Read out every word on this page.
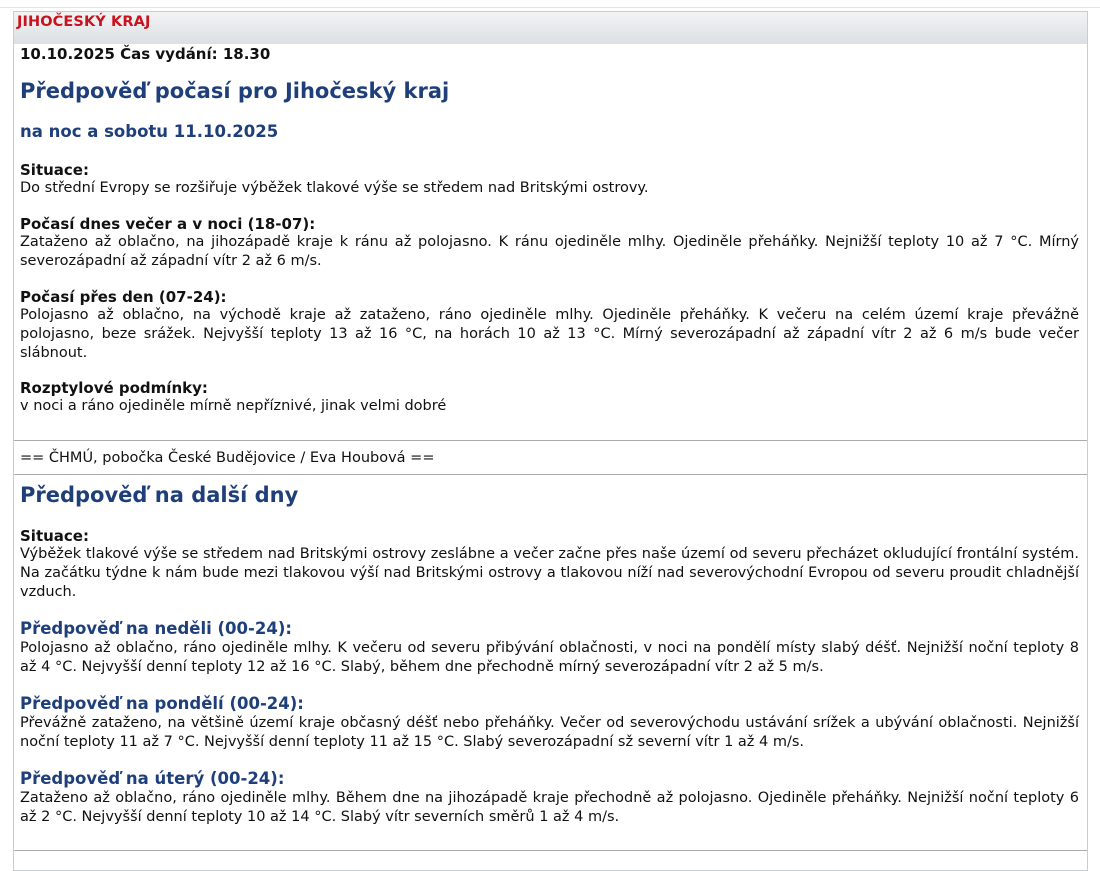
JIHOČESKÝ KRAJ

10.10.2025 Čas vydání: 18.30

Předpověď počasí pro Jihočeský kraj
na noc a sobotu 11.10.2025

Situace:

Do střední Evropy se rozšiřuje výběžek tlakové výše se středem nad Britskými ostrovy.

Počasí dnes večer a v noci (18-07):

Zataženo až oblačno, na jihozápadě kraje k ránu až polojasno. K ránu ojediněle mlhy. Ojediněle přeháňky. Nejnižší teploty 10 až 7 °C. Mírný severozápadní až západní vítr 2 až 6 m/s.

Počasí přes den (07-24):

Polojasno až oblačno, na východě kraje až zataženo, ráno ojediněle mlhy. Ojediněle přeháňky. K večeru na celém území kraje převážně polojasno, beze srážek. Nejvyšší teploty 13 až 16 °C, na horách 10 až 13 °C. Mírný severozápadní až západní vítr 2 až 6 m/s bude večer slábnout.

Rozptylové podmínky:

v noci a ráno ojediněle mírně nepříznivé, jinak velmi dobré

== ČHMÚ, pobočka České Budějovice / Eva Houbová ==

Předpověď na další dny

Situace:

Výběžek tlakové výše se středem nad Britskými ostrovy zeslábne a večer začne přes naše území od severu přecházet okludující frontální systém. Na začátku týdne k nám bude mezi tlakovou výší nad Britskými ostrovy a tlakovou níží nad severovýchodní Evropou od severu proudit chladnější vzduch.

Předpověď na neděli (00-24):

Polojasno až oblačno, ráno ojediněle mlhy. K večeru od severu přibývání oblačnosti, v noci na pondělí místy slabý déšť. Nejnižší noční teploty 8 až 4 °C. Nejvyšší denní teploty 12 až 16 °C. Slabý, během dne přechodně mírný severozápadní vítr 2 až 5 m/s.

Předpověď na pondělí (00-24):

Převážně zataženo, na většině území kraje občasný déšť nebo přeháňky. Večer od severovýchodu ustávání srížek a ubývání oblačnosti. Nejnižší noční teploty 11 až 7 °C. Nejvyšší denní teploty 11 až 15 °C. Slabý severozápadní sž severní vítr 1 až 4 m/s.

Předpověď na úterý (00-24):

Zataženo až oblačno, ráno ojediněle mlhy. Během dne na jihozápadě kraje přechodně až polojasno. Ojediněle přeháňky. Nejnižší noční teploty 6 až 2 °C. Nejvyšší denní teploty 10 až 14 °C. Slabý vítr severních směrů 1 až 4 m/s.
